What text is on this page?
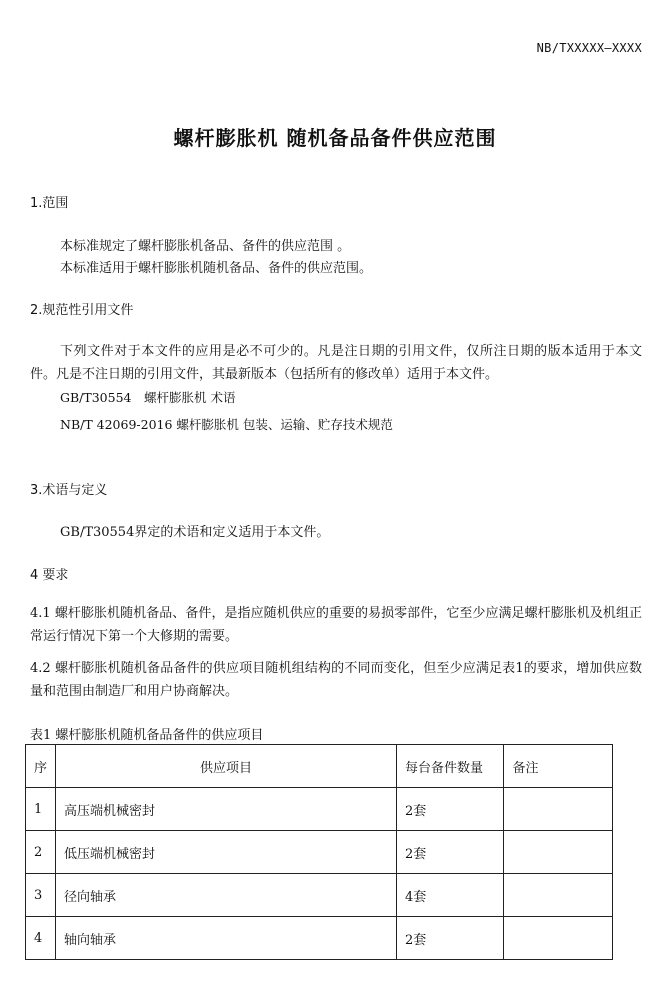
NB/TXXXXX—XXXX
螺杆膨胀机 随机备品备件供应范围
1.范围
本标准规定了螺杆膨胀机备品、备件的供应范围 。
本标准适用于螺杆膨胀机随机备品、备件的供应范围。
2.规范性引用文件
下列文件对于本文件的应用是必不可少的。凡是注日期的引用文件，仅所注日期的版本适用于本文件。凡是不注日期的引用文件，其最新版本（包括所有的修改单）适用于本文件。
GB/T30554　螺杆膨胀机 术语
NB/T 42069-2016 螺杆膨胀机 包装、运输、贮存技术规范
3.术语与定义
GB/T30554界定的术语和定义适用于本文件。
4 要求
4.1 螺杆膨胀机随机备品、备件，是指应随机供应的重要的易损零部件，它至少应满足螺杆膨胀机及机组正常运行情况下第一个大修期的需要。
4.2 螺杆膨胀机随机备品备件的供应项目随机组结构的不同而变化，但至少应满足表1的要求，增加供应数量和范围由制造厂和用户协商解决。
表1 螺杆膨胀机随机备品备件的供应项目
序	供应项目	每台备件数量	备注
1	高压端机械密封	2套	
2	低压端机械密封	2套	
3	径向轴承	4套	
4	轴向轴承	2套	
